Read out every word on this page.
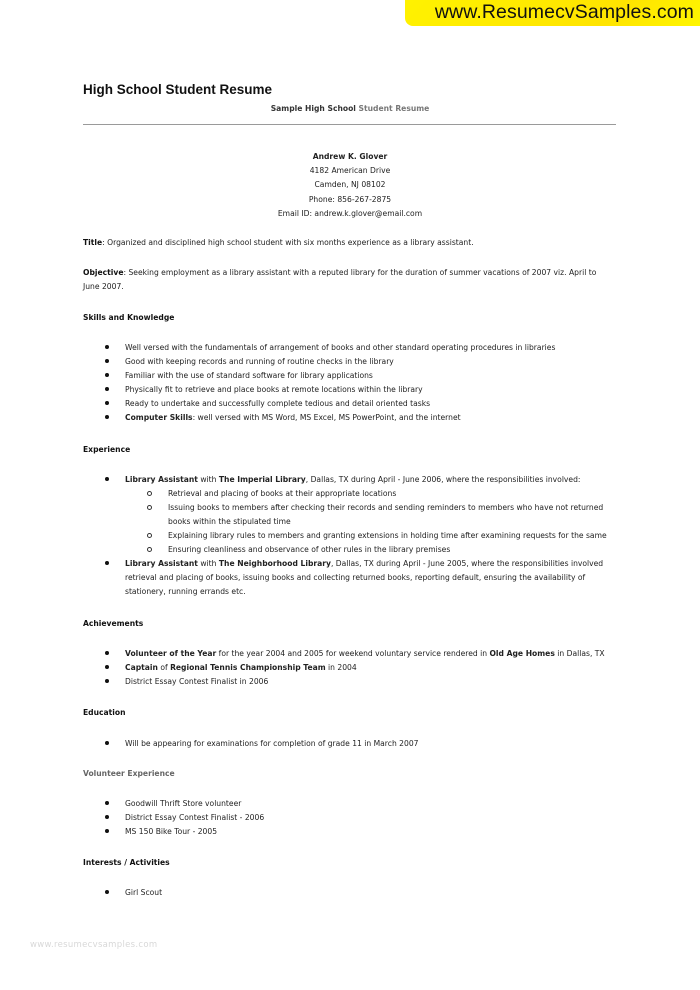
www.ResumecvSamples.com
High School Student Resume
Sample High School Student Resume
Andrew K. Glover
4182 American Drive
Camden, NJ 08102
Phone: 856-267-2875
Email ID: andrew.k.glover@email.com
Title: Organized and disciplined high school student with six months experience as a library assistant.
Objective: Seeking employment as a library assistant with a reputed library for the duration of summer vacations of 2007 viz. April to
June 2007.
Skills and Knowledge
Well versed with the fundamentals of arrangement of books and other standard operating procedures in libraries
Good with keeping records and running of routine checks in the library
Familiar with the use of standard software for library applications
Physically fit to retrieve and place books at remote locations within the library
Ready to undertake and successfully complete tedious and detail oriented tasks
Computer Skills: well versed with MS Word, MS Excel, MS PowerPoint, and the internet
Experience
Library Assistant with The Imperial Library, Dallas, TX during April - June 2006, where the responsibilities involved:
Retrieval and placing of books at their appropriate locations
Issuing books to members after checking their records and sending reminders to members who have not returned
books within the stipulated time
Explaining library rules to members and granting extensions in holding time after examining requests for the same
Ensuring cleanliness and observance of other rules in the library premises
Library Assistant with The Neighborhood Library, Dallas, TX during April - June 2005, where the responsibilities involved
retrieval and placing of books, issuing books and collecting returned books, reporting default, ensuring the availability of
stationery, running errands etc.
Achievements
Volunteer of the Year for the year 2004 and 2005 for weekend voluntary service rendered in Old Age Homes in Dallas, TX
Captain of Regional Tennis Championship Team in 2004
District Essay Contest Finalist in 2006
Education
Will be appearing for examinations for completion of grade 11 in March 2007
Volunteer Experience
Goodwill Thrift Store volunteer
District Essay Contest Finalist - 2006
MS 150 Bike Tour - 2005
Interests / Activities
Girl Scout
www.resumecvsamples.com
